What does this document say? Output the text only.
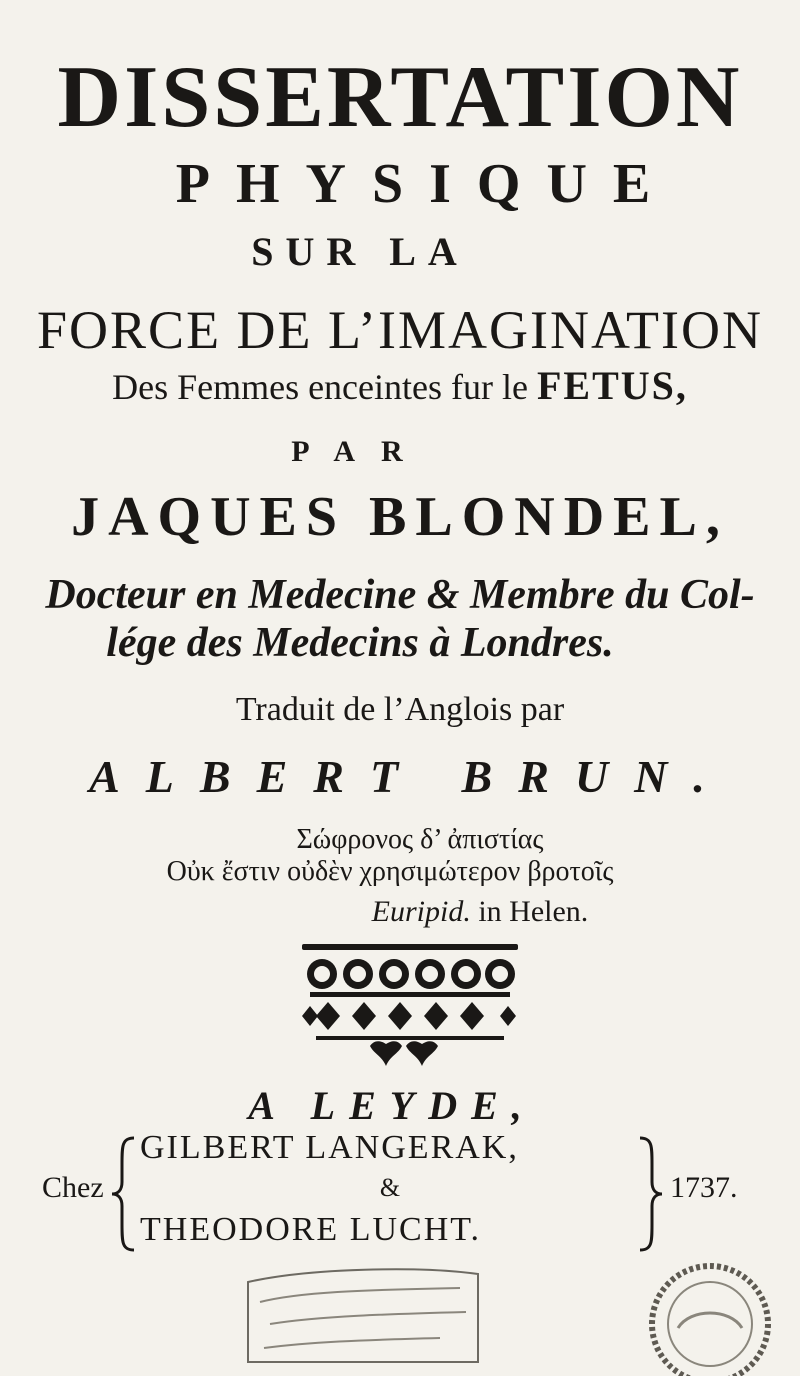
DISSERTATION
PHYSIQUE
SUR LA
FORCE DE L’IMAGINATION
Des Femmes enceintes fur le FETUS,
PAR
JAQUES BLONDEL,
Docteur en Medecine & Membre du Col-
lége des Medecins à Londres.
Traduit de l’Anglois par
ALBERT BRUN.
Σώφρονος δ’ ἀπιστίας
Οὐκ ἔστιν οὐδὲν χρησιμώτερον βροτοῖς
Euripid. in Helen.
A LEYDE,
Chez
GILBERT LANGERAK,
&
THEODORE LUCHT.
1737.
